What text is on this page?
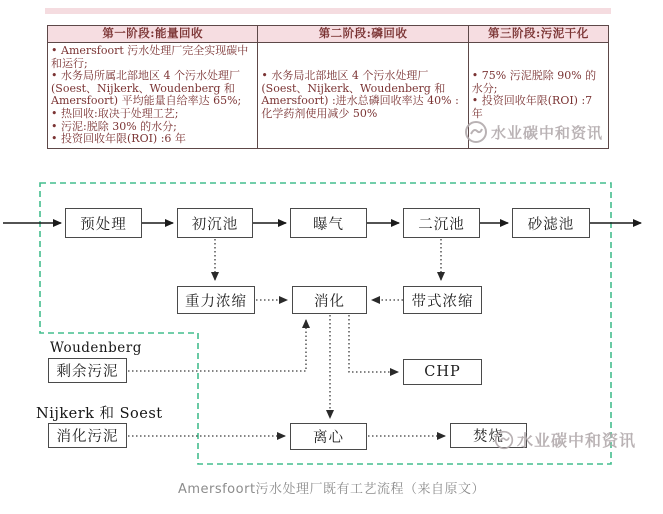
第一阶段:能量回收	第二阶段:磷回收	第三阶段:污泥干化

• Amersfoort 污水处理厂完全实现碳中和运行;
• 水务局所属北部地区 4 个污水处理厂(Soest、Nijkerk、Woudenberg 和 Amersfoort) 平均能量自给率达 65%;
• 热回收:取决于处理工艺;
• 污泥:脱除 30% 的水分;
• 投资回收年限(ROI) :6 年

• 水务局北部地区 4 个污水处理厂(Soest、Nijkerk、Woudenberg 和 Amersfoort) :进水总磷回收率达 40% :化学药剂使用减少 50%

• 75% 污泥脱除 90% 的水分;
• 投资回收年限(ROI) :7 年
水业碳中和资讯
预处理	初沉池	曝气	二沉池	砂滤池
重力浓缩	消化	带式浓缩
CHP
离心	焚烧
剩余污泥
消化污泥
Woudenberg
Nijkerk 和 Soest
水业碳中和资讯
Amersfoort污水处理厂既有工艺流程（来自原文）
